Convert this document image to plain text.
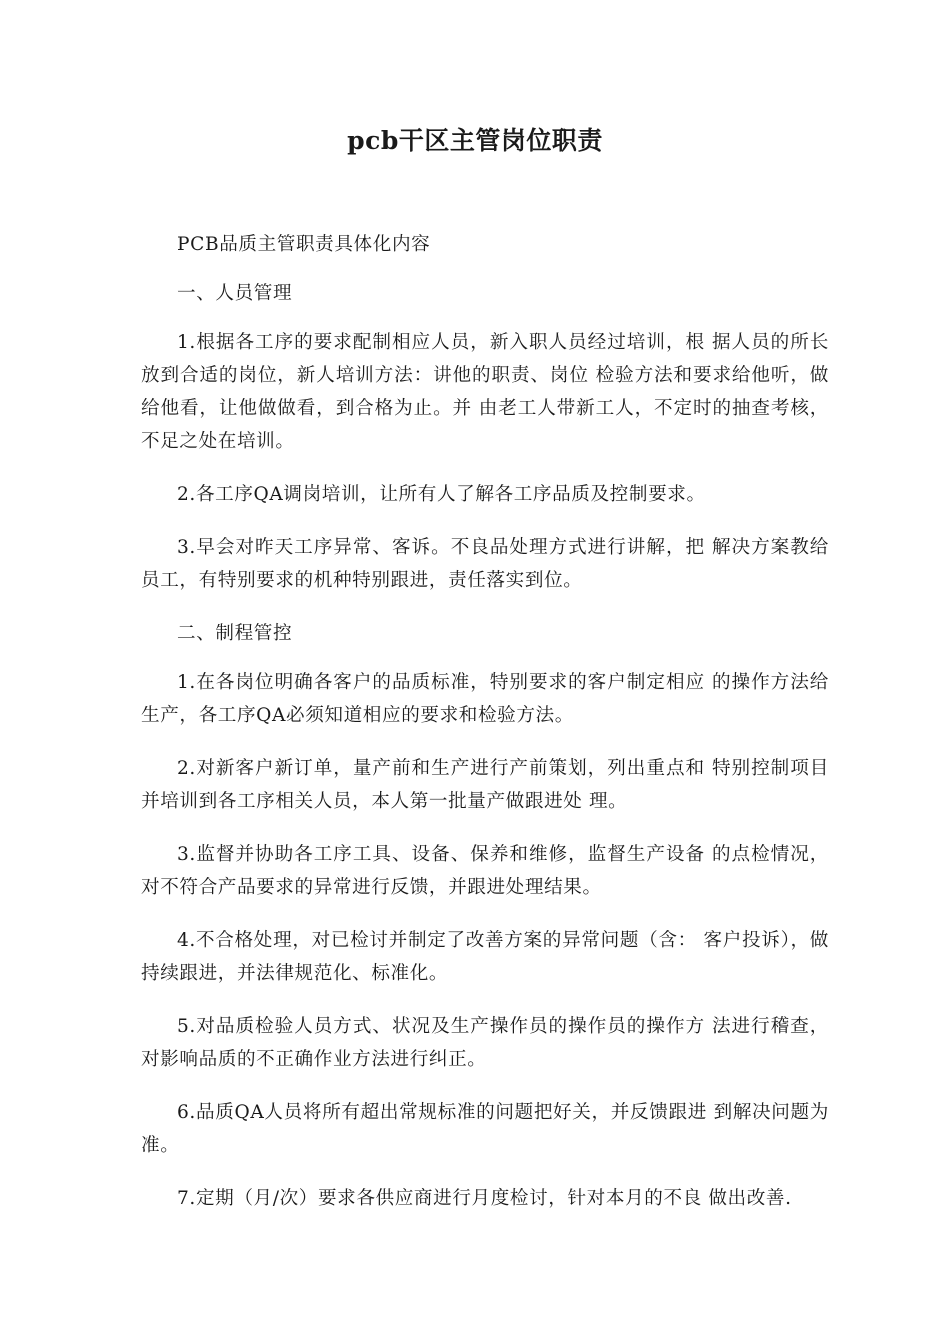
pcb干区主管岗位职责

PCB品质主管职责具体化内容

一、人员管理

1.根据各工序的要求配制相应人员，新入职人员经过培训，根 据人员的所长放到合适的岗位，新人培训方法：讲他的职责、岗位 检验方法和要求给他听，做给他看，让他做做看，到合格为止。并 由老工人带新工人，不定时的抽查考核，不足之处在培训。

2.各工序QA调岗培训，让所有人了解各工序品质及控制要求。

3.早会对昨天工序异常、客诉。不良品处理方式进行讲解，把 解决方案教给员工，有特别要求的机种特别跟进，责任落实到位。

二、制程管控

1.在各岗位明确各客户的品质标准，特别要求的客户制定相应 的操作方法给生产，各工序QA必须知道相应的要求和检验方法。

2.对新客户新订单，量产前和生产进行产前策划，列出重点和 特别控制项目并培训到各工序相关人员，本人第一批量产做跟进处 理。

3.监督并协助各工序工具、设备、保养和维修，监督生产设备 的点检情况，对不符合产品要求的异常进行反馈，并跟进处理结果。

4.不合格处理，对已检讨并制定了改善方案的异常问题（含： 客户投诉），做持续跟进，并法律规范化、标准化。

5.对品质检验人员方式、状况及生产操作员的操作员的操作方 法进行稽查，对影响品质的不正确作业方法进行纠正。

6.品质QA人员将所有超出常规标准的问题把好关，并反馈跟进 到解决问题为准。

7.定期（月/次）要求各供应商进行月度检讨，针对本月的不良 做出改善.
